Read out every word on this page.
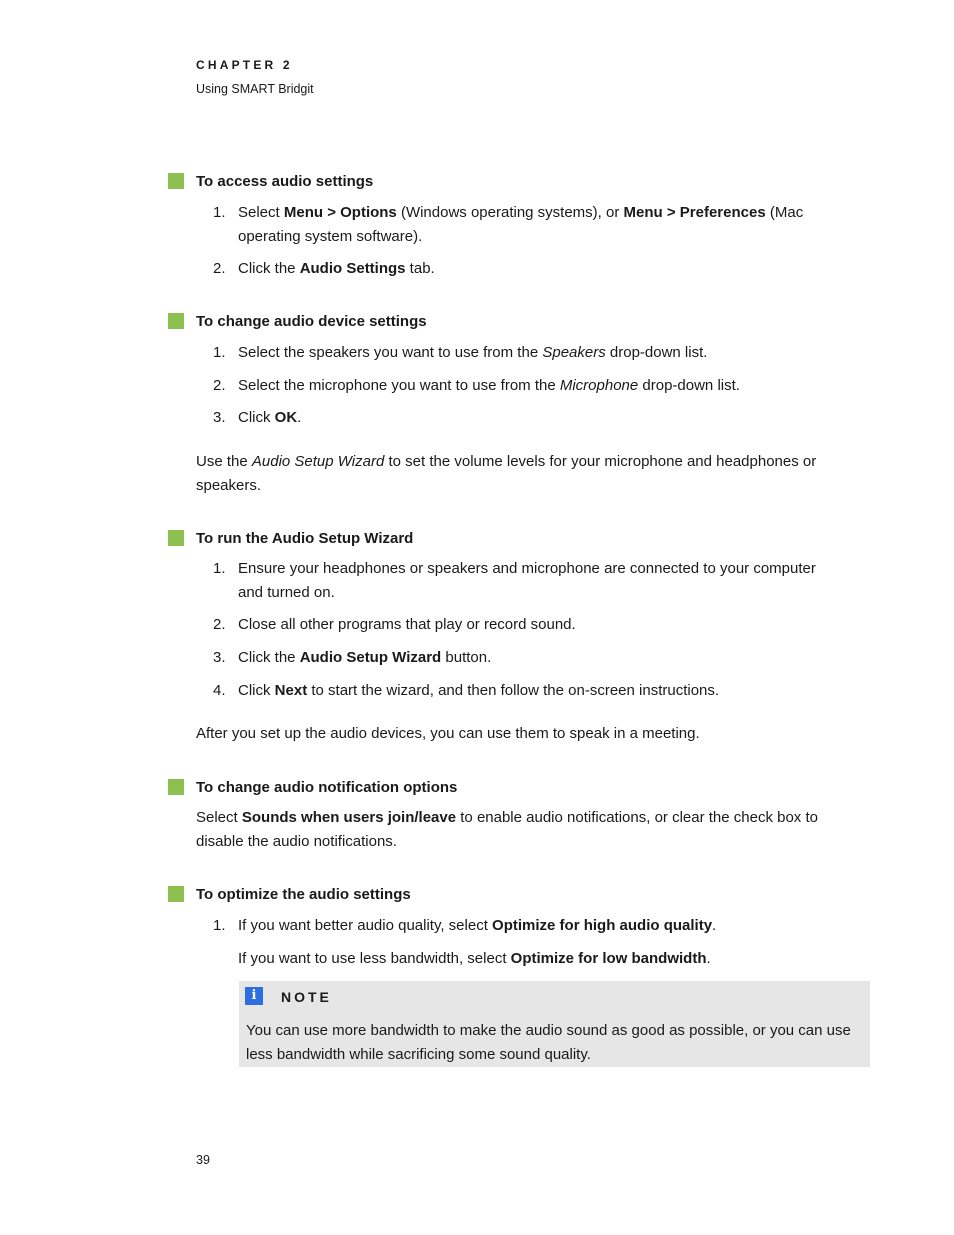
CHAPTER 2
Using SMART Bridgit
To access audio settings
1. Select Menu > Options (Windows operating systems), or Menu > Preferences (Mac operating system software).
2. Click the Audio Settings tab.
To change audio device settings
1. Select the speakers you want to use from the Speakers drop-down list.
2. Select the microphone you want to use from the Microphone drop-down list.
3. Click OK.
Use the Audio Setup Wizard to set the volume levels for your microphone and headphones or speakers.
To run the Audio Setup Wizard
1. Ensure your headphones or speakers and microphone are connected to your computer and turned on.
2. Close all other programs that play or record sound.
3. Click the Audio Setup Wizard button.
4. Click Next to start the wizard, and then follow the on-screen instructions.
After you set up the audio devices, you can use them to speak in a meeting.
To change audio notification options
Select Sounds when users join/leave to enable audio notifications, or clear the check box to disable the audio notifications.
To optimize the audio settings
1. If you want better audio quality, select Optimize for high audio quality.
If you want to use less bandwidth, select Optimize for low bandwidth.
i	NOTE
You can use more bandwidth to make the audio sound as good as possible, or you can use less bandwidth while sacrificing some sound quality.
39
